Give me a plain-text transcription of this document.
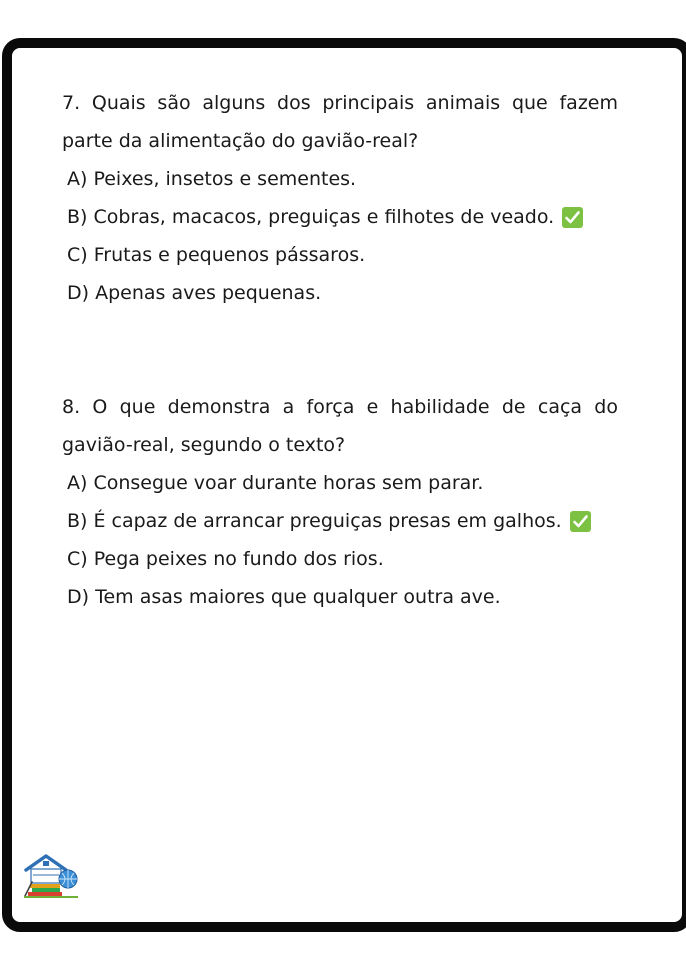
7. Quais são alguns dos principais animais que fazem
parte da alimentação do gavião-real?

A) Peixes, insetos e sementes.
B) Cobras, macacos, preguiças e filhotes de veado.
C) Frutas e pequenos pássaros.
D) Apenas aves pequenas.

8. O que demonstra a força e habilidade de caça do
gavião-real, segundo o texto?

A) Consegue voar durante horas sem parar.
B) É capaz de arrancar preguiças presas em galhos.
C) Pega peixes no fundo dos rios.
D) Tem asas maiores que qualquer outra ave.
